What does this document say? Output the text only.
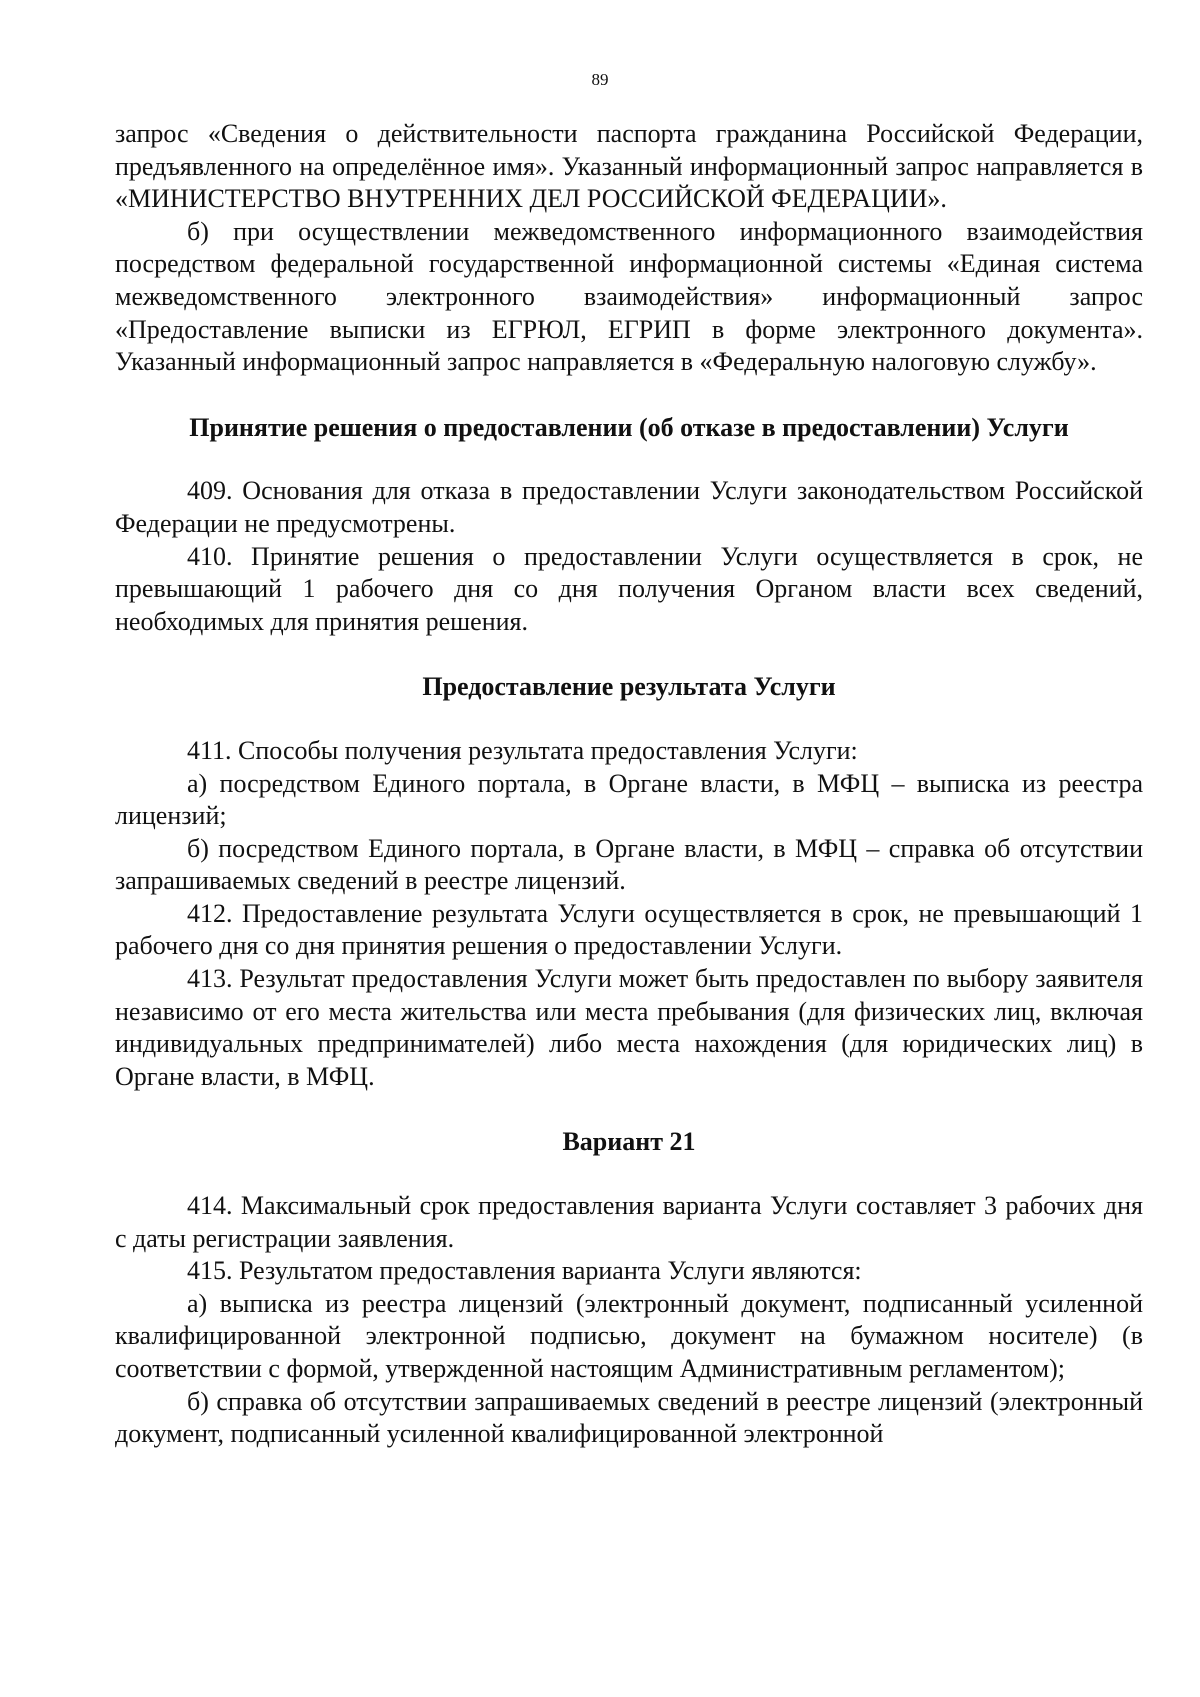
89

запрос «Сведения о действительности паспорта гражданина Российской Федерации, предъявленного на определённое имя». Указанный информационный запрос направляется в «МИНИСТЕРСТВО ВНУТРЕННИХ ДЕЛ РОССИЙСКОЙ ФЕДЕРАЦИИ».

б) при осуществлении межведомственного информационного взаимодействия посредством федеральной государственной информационной системы «Единая система межведомственного электронного взаимодействия» информационный запрос «Предоставление выписки из ЕГРЮЛ, ЕГРИП в форме электронного документа». Указанный информационный запрос направляется в «Федеральную налоговую службу».

Принятие решения о предоставлении (об отказе в предоставлении) Услуги

409. Основания для отказа в предоставлении Услуги законодательством Российской Федерации не предусмотрены.

410. Принятие решения о предоставлении Услуги осуществляется в срок, не превышающий 1 рабочего дня со дня получения Органом власти всех сведений, необходимых для принятия решения.

Предоставление результата Услуги

411. Способы получения результата предоставления Услуги:

а) посредством Единого портала, в Органе власти, в МФЦ – выписка из реестра лицензий;

б) посредством Единого портала, в Органе власти, в МФЦ – справка об отсутствии запрашиваемых сведений в реестре лицензий.

412. Предоставление результата Услуги осуществляется в срок, не превышающий 1 рабочего дня со дня принятия решения о предоставлении Услуги.

413. Результат предоставления Услуги может быть предоставлен по выбору заявителя независимо от его места жительства или места пребывания (для физических лиц, включая индивидуальных предпринимателей) либо места нахождения (для юридических лиц) в Органе власти, в МФЦ.

Вариант 21

414. Максимальный срок предоставления варианта Услуги составляет 3 рабочих дня с даты регистрации заявления.

415. Результатом предоставления варианта Услуги являются:

а) выписка из реестра лицензий (электронный документ, подписанный усиленной квалифицированной электронной подписью, документ на бумажном носителе) (в соответствии с формой, утвержденной настоящим Административным регламентом);

б) справка об отсутствии запрашиваемых сведений в реестре лицензий (электронный документ, подписанный усиленной квалифицированной электронной
